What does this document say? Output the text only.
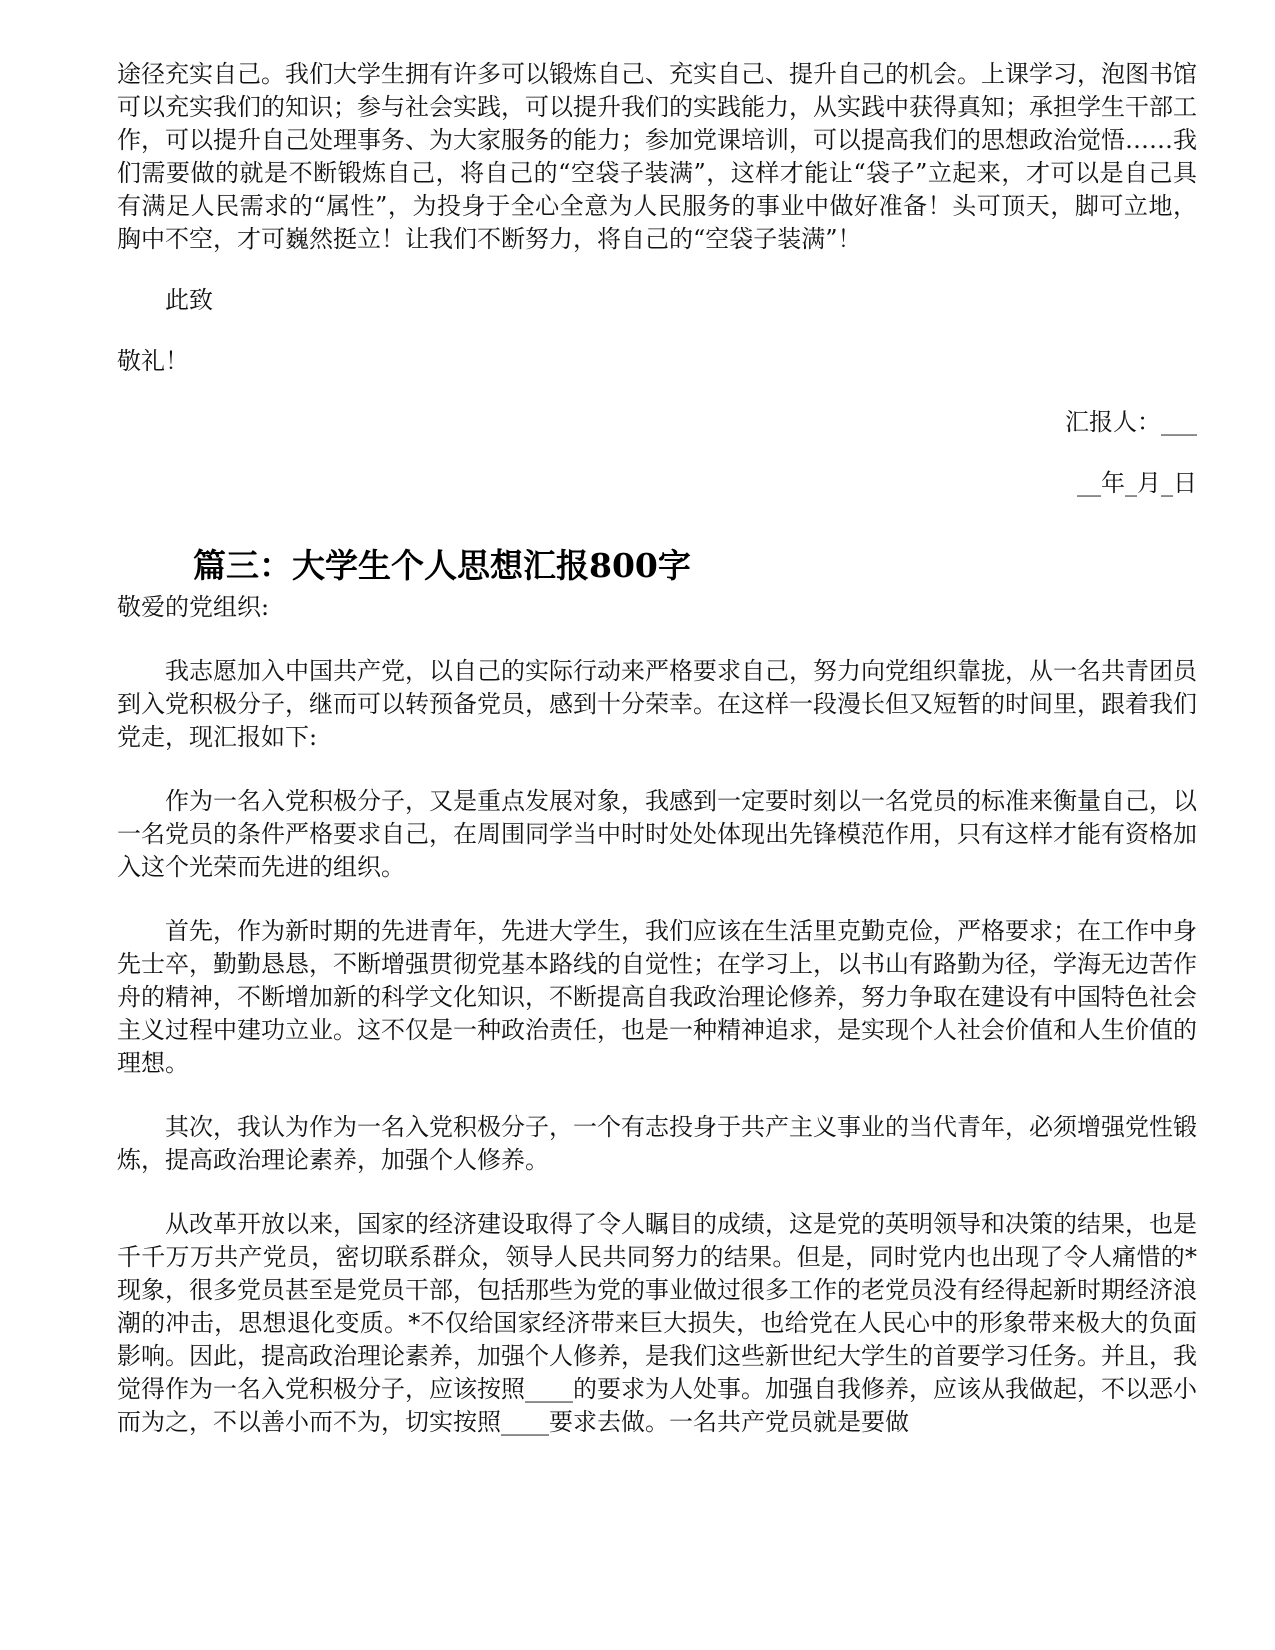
途径充实自己。我们大学生拥有许多可以锻炼自己、充实自己、提升自己的机会。上课学习，泡图书馆可以充实我们的知识；参与社会实践，可以提升我们的实践能力，从实践中获得真知；承担学生干部工作，可以提升自己处理事务、为大家服务的能力；参加党课培训，可以提高我们的思想政治觉悟……我们需要做的就是不断锻炼自己，将自己的“空袋子装满”，这样才能让“袋子”立起来，才可以是自己具有满足人民需求的“属性”，为投身于全心全意为人民服务的事业中做好准备！头可顶天，脚可立地，胸中不空，才可巍然挺立！让我们不断努力，将自己的“空袋子装满”！

此致

敬礼！

汇报人：___

__年_月_日

篇三：大学生个人思想汇报800字

敬爱的党组织:

我志愿加入中国共产党，以自己的实际行动来严格要求自己，努力向党组织靠拢，从一名共青团员到入党积极分子，继而可以转预备党员，感到十分荣幸。在这样一段漫长但又短暂的时间里，跟着我们党走，现汇报如下:

作为一名入党积极分子，又是重点发展对象，我感到一定要时刻以一名党员的标准来衡量自己，以一名党员的条件严格要求自己，在周围同学当中时时处处体现出先锋模范作用，只有这样才能有资格加入这个光荣而先进的组织。

首先，作为新时期的先进青年，先进大学生，我们应该在生活里克勤克俭，严格要求；在工作中身先士卒，勤勤恳恳，不断增强贯彻党基本路线的自觉性；在学习上，以书山有路勤为径，学海无边苦作舟的精神，不断增加新的科学文化知识，不断提高自我政治理论修养，努力争取在建设有中国特色社会主义过程中建功立业。这不仅是一种政治责任，也是一种精神追求，是实现个人社会价值和人生价值的理想。

其次，我认为作为一名入党积极分子，一个有志投身于共产主义事业的当代青年，必须增强党性锻炼，提高政治理论素养，加强个人修养。

从改革开放以来，国家的经济建设取得了令人瞩目的成绩，这是党的英明领导和决策的结果，也是千千万万共产党员，密切联系群众，领导人民共同努力的结果。但是，同时党内也出现了令人痛惜的*现象，很多党员甚至是党员干部，包括那些为党的事业做过很多工作的老党员没有经得起新时期经济浪潮的冲击，思想退化变质。*不仅给国家经济带来巨大损失，也给党在人民心中的形象带来极大的负面影响。因此，提高政治理论素养，加强个人修养，是我们这些新世纪大学生的首要学习任务。并且，我觉得作为一名入党积极分子，应该按照____的要求为人处事。加强自我修养，应该从我做起，不以恶小而为之，不以善小而不为，切实按照____要求去做。一名共产党员就是要做
